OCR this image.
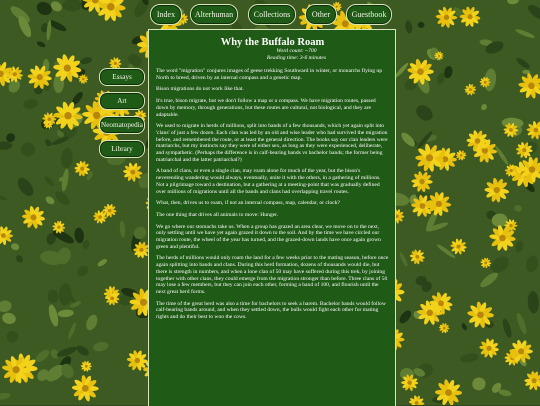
Index	Alterhuman	Collections	Other	Guestbook
Essays
Art
Neomatopedia
Library
Why the Buffalo Roam
Word count: ~700
Reading time: 3-6 minutes

The word "migration" conjures images of geese trekking Southward in winter, or monarchs flying up North to breed, driven by an internal compass and a genetic map.

Bison migrations do not work like that.

It's true, bison migrate, but we don't follow a map or a compass. We have migration routes, passed down by memory, through generations, but these routes are cultural, not biological, and they are adaptable.

We used to migrate in herds of millions, split into bands of a few thousands, which yet again split into 'clans' of just a few dozen. Each clan was led by an old and wise leader who had survived the migration before, and remembered the route, or at least the general direction. The books say our clan leaders were matriarchs, but my instincts say they were of either sex, as long as they were experienced, deliberate, and sympathetic. (Perhaps the difference is in calf-bearing bands vs bachelor bands; the former being matriarchal and the latter patriarchal?)

A band of clans, or even a single clan, may roam alone for much of the year, but the bison's neverending wandering would always, eventually, unite it with the others, in a gathering of millions. Not a pilgrimage toward a destination, but a gathering at a meeting-point that was gradually defined over millions of migrations until all the bands and clans had overlapping travel routes.

What, then, drives us to roam, if not an internal compass, map, calendar, or clock?

The one thing that drives all animals to move: Hunger.

We go where our stomachs take us. When a group has grazed an area clear, we move on to the next, only settling until we have yet again grazed it down to the soil. And by the time we have circled our migration route, the wheel of the year has turned, and the grazed-down lands have once again grown green and plentiful.

The herds of millions would only roam the land for a few weeks prior to the mating season, before once again splitting into bands and clans. During this herd formation, dozens of thousands would die, but there is strength in numbers, and when a lone clan of 50 may have suffered during this trek, by joining together with other clans, they could emerge from the migration stronger than before. Three clans of 50 may lose a few members, but they can join each other, forming a band of 100, and flourish until the next great herd forms.

The time of the great herd was also a time for bachelors to seek a harem. Bachelor bands would follow calf-bearing bands around, and when they settled down, the bulls would fight each other for mating rights and do their best to woo the cows.
